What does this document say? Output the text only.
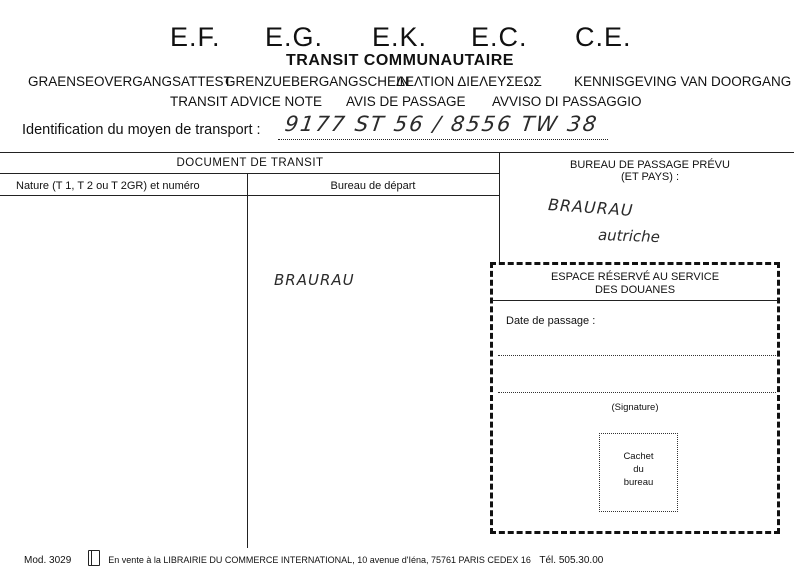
E.F. E.G. E.K. E.C. C.E.
TRANSIT COMMUNAUTAIRE
GRAENSEOVERGANGSATTEST
GRENZUEBERGANGSCHEIN
ΔΕΛΤΙΟΝ ΔΙΕΛΕΥΣΕΩΣ KENNISGEVING VAN DOORGANG
TRANSIT ADVICE NOTE AVIS DE PASSAGE AVVISO DI PASSAGGIO
Identification du moyen de transport : 9177 ST 56 / 8556 TW 38
DOCUMENT DE TRANSIT
Nature (T 1, T 2 ou T 2GR) et numéro	Bureau de départ
BRAURAU
BUREAU DE PASSAGE PRÉVU
(ET PAYS) :
BRAURAU
autriche
ESPACE RÉSERVÉ AU SERVICE
DES DOUANES
Date de passage :
(Signature)
Cachet
du
bureau
Mod. 3029	En vente à la LIBRAIRIE DU COMMERCE INTERNATIONAL, 10 avenue d'Iéna, 75761 PARIS CEDEX 16 Tél. 505.30.00
